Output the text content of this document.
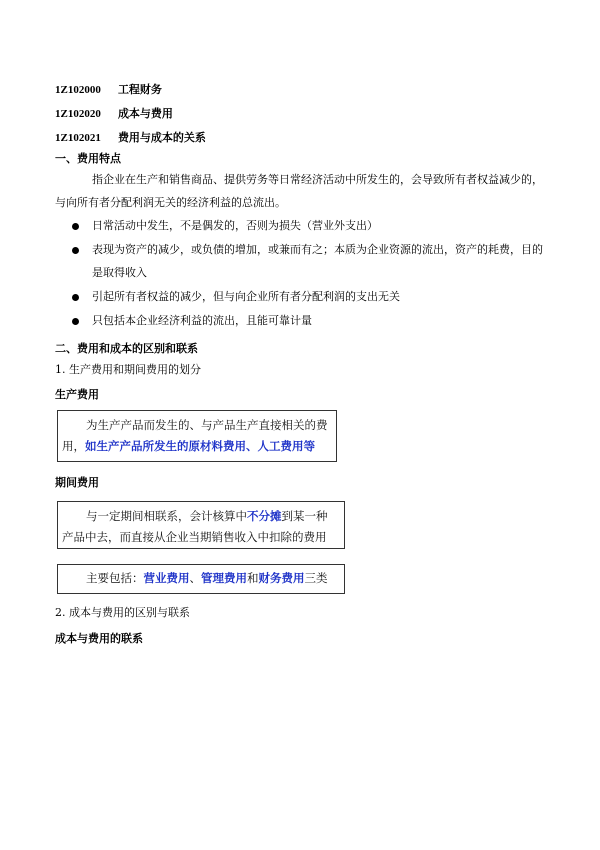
1Z102000 工程财务
1Z102020 成本与费用
1Z102021 费用与成本的关系
一、费用特点
指企业在生产和销售商品、提供劳务等日常经济活动中所发生的，会导致所有者权益减少的，
与向所有者分配利润无关的经济利益的总流出。
日常活动中发生，不是偶发的，否则为损失（营业外支出）
表现为资产的减少，或负债的增加，或兼而有之；本质为企业资源的流出，资产的耗费，目的
是取得收入
引起所有者权益的减少，但与向企业所有者分配利润的支出无关
只包括本企业经济利益的流出，且能可靠计量
二、费用和成本的区别和联系
1. 生产费用和期间费用的划分
生产费用
为生产产品而发生的、与产品生产直接相关的费
用，如生产产品所发生的原材料费用、人工费用等
期间费用
与一定期间相联系，会计核算中不分摊到某一种
产品中去，而直接从企业当期销售收入中扣除的费用
主要包括：营业费用、管理费用和财务费用三类
2. 成本与费用的区别与联系
成本与费用的联系
